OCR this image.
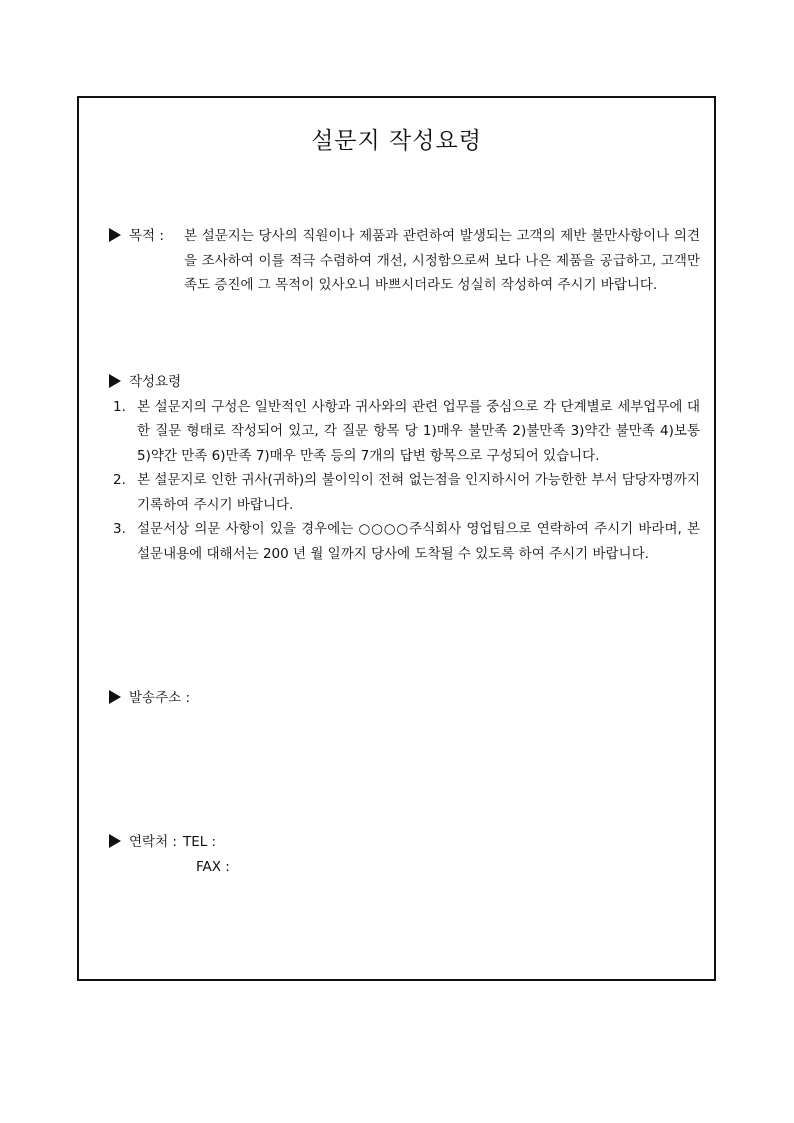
설문지 작성요령
목적 : 본 설문지는 당사의 직원이나 제품과 관련하여 발생되는 고객의 제반 불만사항이나 의견을 조사하여 이를 적극 수렴하여 개선, 시정함으로써 보다 나은 제품을 공급하고, 고객만족도 증진에 그 목적이 있사오니 바쁘시더라도 성실히 작성하여 주시기 바랍니다.
작성요령
1. 본 설문지의 구성은 일반적인 사항과 귀사와의 관련 업무를 중심으로 각 단계별로 세부업무에 대한 질문 형태로 작성되어 있고, 각 질문 항목 당 1)매우 불만족 2)불만족 3)약간 불만족 4)보통 5)약간 만족 6)만족 7)매우 만족 등의 7개의 답변 항목으로 구성되어 있습니다.
2. 본 설문지로 인한 귀사(귀하)의 불이익이 전혀 없는점을 인지하시어 가능한한 부서 담당자명까지 기록하여 주시기 바랍니다.
3. 설문서상 의문 사항이 있을 경우에는 ○○○○주식회사 영업팀으로 연락하여 주시기 바라며, 본 설문내용에 대해서는 200 년 월 일까지 당사에 도착될 수 있도록 하여 주시기 바랍니다.
발송주소 :
연락처 : TEL :
FAX :
